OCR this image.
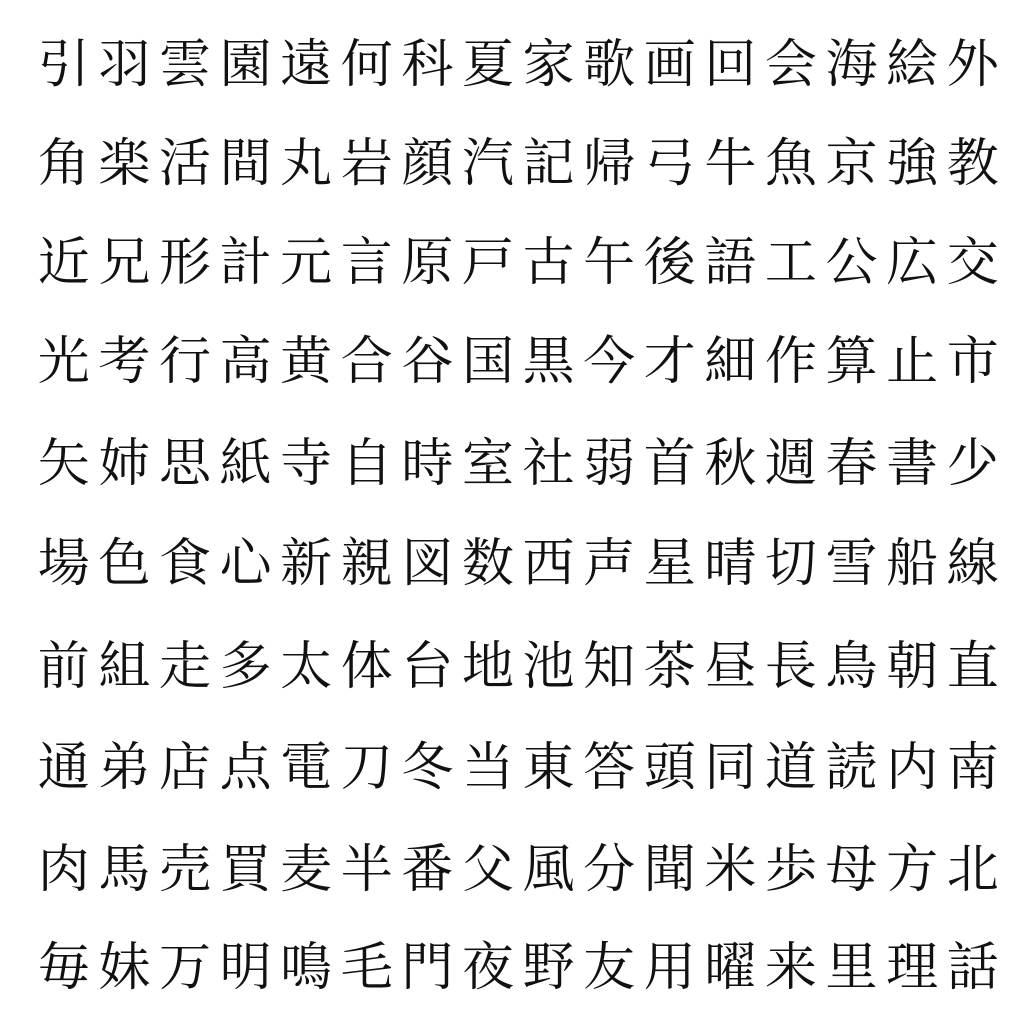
引 羽 雲 園 遠 何 科 夏 家 歌 画 回 会 海 絵 外
角 楽 活 間 丸 岩 顔 汽 記 帰 弓 牛 魚 京 強 教
近 兄 形 計 元 言 原 戸 古 午 後 語 工 公 広 交
光 考 行 高 黄 合 谷 国 黒 今 才 細 作 算 止 市
矢 姉 思 紙 寺 自 時 室 社 弱 首 秋 週 春 書 少
場 色 食 心 新 親 図 数 西 声 星 晴 切 雪 船 線
前 組 走 多 太 体 台 地 池 知 茶 昼 長 鳥 朝 直
通 弟 店 点 電 刀 冬 当 東 答 頭 同 道 読 内 南
肉 馬 売 買 麦 半 番 父 風 分 聞 米 歩 母 方 北
毎 妹 万 明 鳴 毛 門 夜 野 友 用 曜 来 里 理 話
